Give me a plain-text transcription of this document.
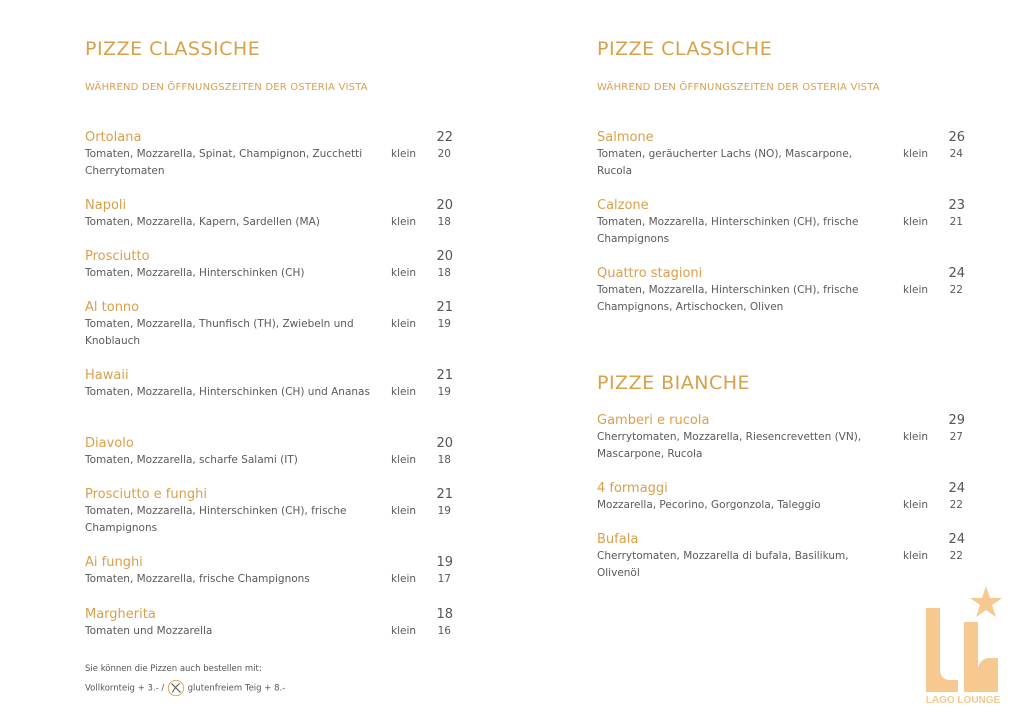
PIZZE CLASSICHE
WÄHREND DEN ÖFFNUNGSZEITEN DER OSTERIA VISTA
Ortolana	22
Tomaten, Mozzarella, Spinat, Champignon, Zucchetti Cherrytomaten
klein 20
Napoli	20
Tomaten, Mozzarella, Kapern, Sardellen (MA)	klein 18
Prosciutto	20
Tomaten, Mozzarella, Hinterschinken (CH)	klein 18
Al tonno	21
Tomaten, Mozzarella, Thunfisch (TH), Zwiebeln und Knoblauch
klein 19
Hawaii	21
Tomaten, Mozzarella, Hinterschinken (CH) und Ananas	klein 19
Diavolo	20
Tomaten, Mozzarella, scharfe Salami (IT)	klein 18
Prosciutto e funghi	21
Tomaten, Mozzarella, Hinterschinken (CH), frische Champignons
klein 19
Ai funghi	19
Tomaten, Mozzarella, frische Champignons	klein 17
Margherita	18
Tomaten und Mozzarella	klein 16
PIZZE CLASSICHE
WÄHREND DEN ÖFFNUNGSZEITEN DER OSTERIA VISTA
Salmone	26
Tomaten, geräucherter Lachs (NO), Mascarpone, Rucola
klein 24
Calzone	23
Tomaten, Mozzarella, Hinterschinken (CH), frische Champignons
klein 21
Quattro stagioni	24
Tomaten, Mozzarella, Hinterschinken (CH), frische Champignons, Artischocken, Oliven
klein 22
PIZZE BIANCHE
Gamberi e rucola	29
Cherrytomaten, Mozzarella, Riesencrevetten (VN), Mascarpone, Rucola
klein 27
4 formaggi	24
Mozzarella, Pecorino, Gorgonzola, Taleggio	klein 22
Bufala	24
Cherrytomaten, Mozzarella di bufala, Basilikum, Olivenöl
klein 22
Sie können die Pizzen auch bestellen mit:
Vollkornteig + 3.- /	glutenfreiem Teig + 8.-
LAGO LOUNGE
